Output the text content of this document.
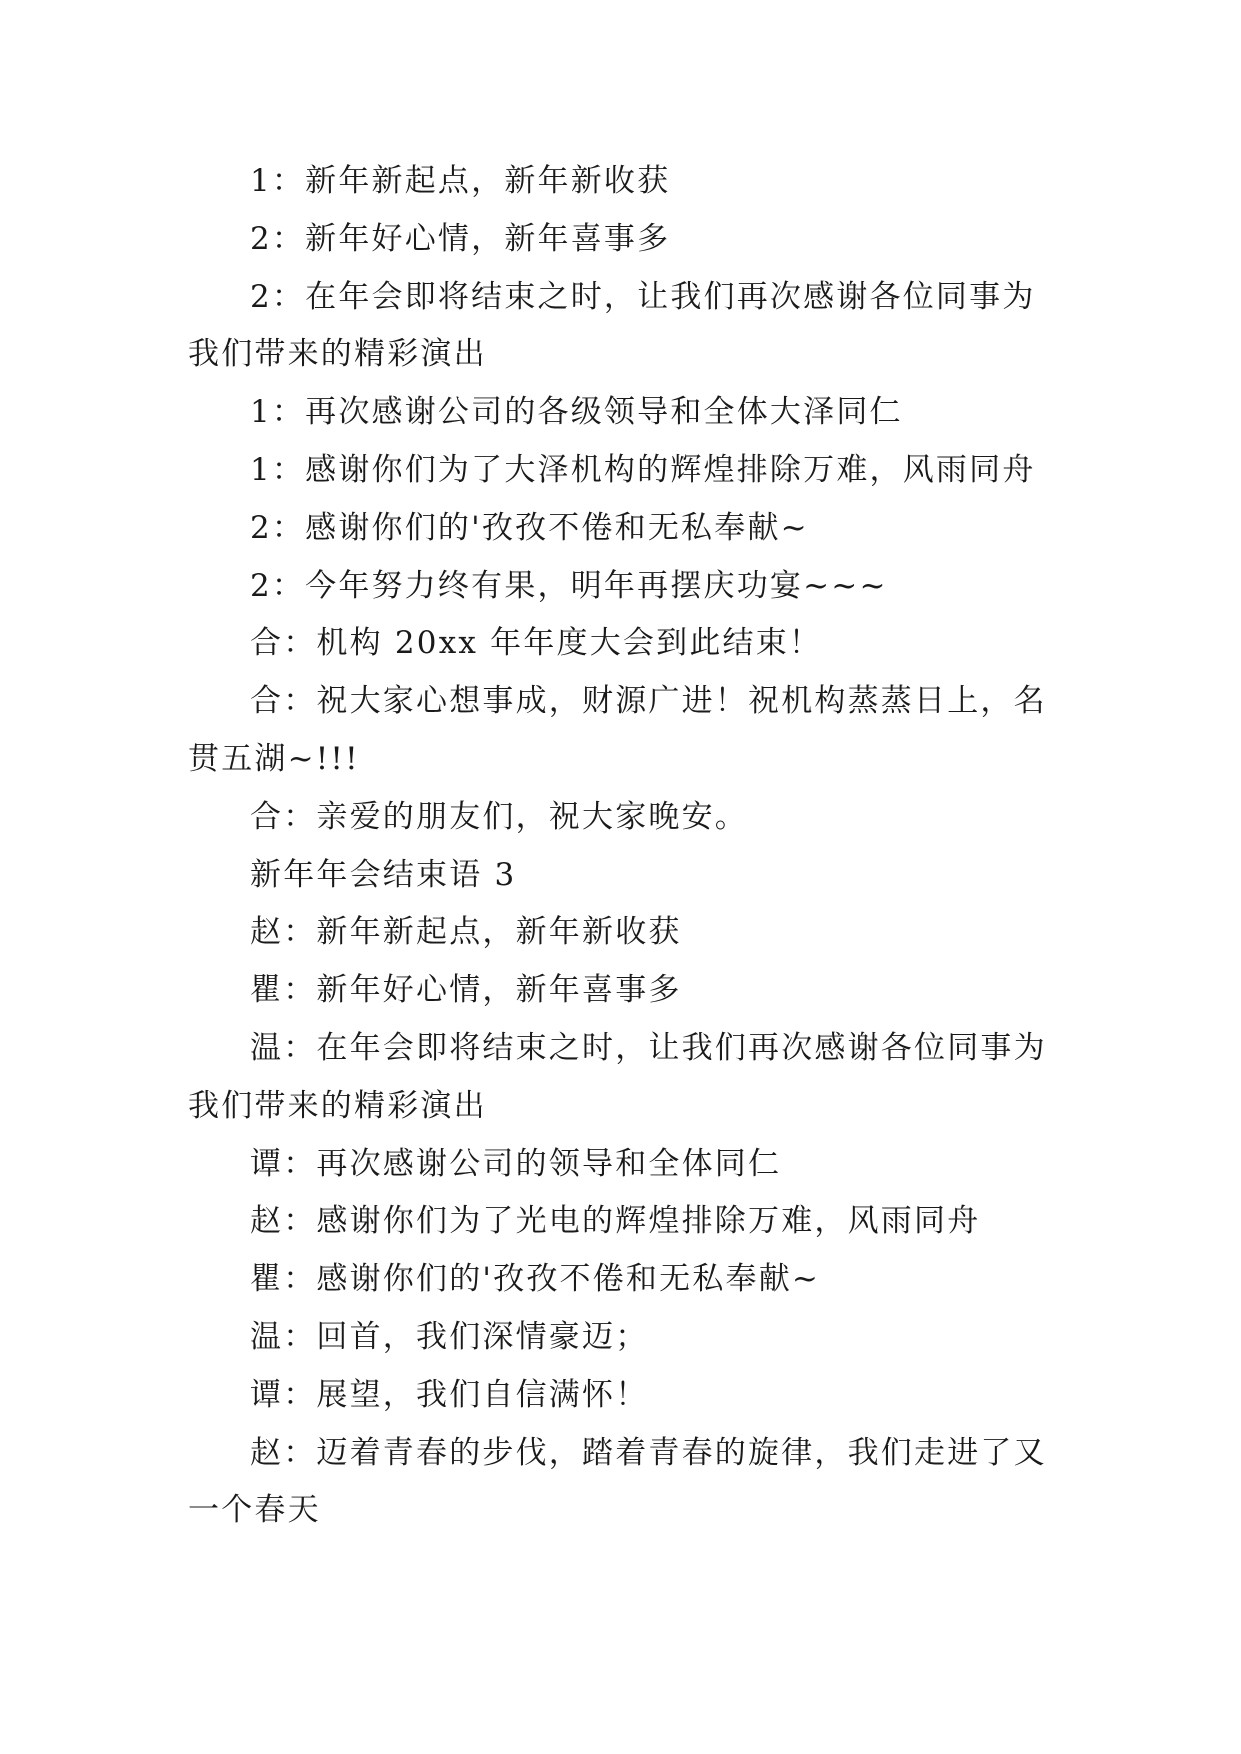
1：新年新起点，新年新收获

2：新年好心情，新年喜事多

2：在年会即将结束之时，让我们再次感谢各位同事为我们带来的精彩演出

1：再次感谢公司的各级领导和全体大泽同仁

1：感谢你们为了大泽机构的辉煌排除万难，风雨同舟

2：感谢你们的'孜孜不倦和无私奉献~

2：今年努力终有果，明年再摆庆功宴~~~

合：机构 20xx 年年度大会到此结束！

合：祝大家心想事成，财源广进！祝机构蒸蒸日上，名贯五湖~!!!

合：亲爱的朋友们，祝大家晚安。

新年年会结束语 3

赵：新年新起点，新年新收获

瞿：新年好心情，新年喜事多

温：在年会即将结束之时，让我们再次感谢各位同事为我们带来的精彩演出

谭：再次感谢公司的领导和全体同仁

赵：感谢你们为了光电的辉煌排除万难，风雨同舟

瞿：感谢你们的'孜孜不倦和无私奉献~

温：回首，我们深情豪迈；

谭：展望，我们自信满怀！

赵：迈着青春的步伐，踏着青春的旋律，我们走进了又一个春天
